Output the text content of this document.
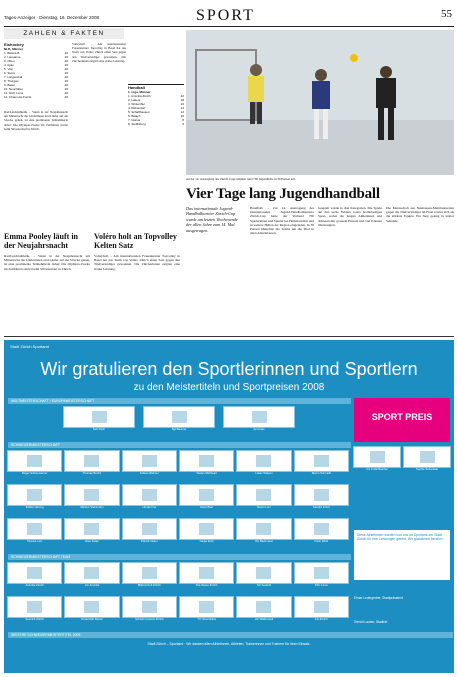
Tages-Anzeiger · Dienstag, 16. Dezember 2008	SPORT	55
ZAHLEN & FAKTEN
Eishockey
NLB, Männer
1. Biasca-B	26
2. Lausanne	26
3. Olten	26
4. Ajoie	26
5. Visp	26
6. Sierre	26
7. Langenthal	26
8. Thurgau	26
9. Basel	26
10. Neuchâtel	26
11. GCK Lions	26
12. Chaux-de-Fonds	26
Rad/Leichtathletik. – Wenn in der Neujahrsnacht um Mitternacht die Läuferinnen und Läufer auf die Strecke gehen, ist eine prominente Teilnehmerin dabei: Die Olympia-Zweite im Zeitfahren startet beim Silvesterlauf in Zürich.
Volleyball. – Am internationalen Frauenturnier Topvolley in Basel hat das Team von Voléro Zürich einen Satz gegen den Titelverteidiger gewonnen. Die Zürcherinnen zeigten eine starke Leistung.
Handball
1. Liga, Männer
1. Amicitia Zürich	22
2. Lakers	18
3. Winterthur	16
4. Dübendorf	14
5. Schaffhausen	12
6. Bülach	10
7. Glarus	8
8. Steffisburg	6
An der 14. Austragung des Zürich-Cups nahmen rund 700 Jugendliche in 39 Partien teil.
Vier Tage lang Jugendhandball
Das internationale Jugend-Handballturnier Zürich-Cup wurde am letzten Wochenende der allen Jahre zum 14. Mal ausgetragen.
Handball. – Zur 14. Austragung des internationalen Jugend-Handballturniers Zürich-Cup hatte der Verband 700 Spielerinnen und Spieler ins Hallenstadion und in weitere Hallen der Region eingeladen. In 39 Partien kämpften die Teams um die Titel in allen Altersklassen.
Gespielt wurde in drei Kategorien. Die Spiele auf den sechs Feldern boten hochklassigen Sport, wobei die jungen Athletinnen und Athleten mit grossem Einsatz und viel Können überzeugten.
Die Mannschaft aus Neuhausen-Mettmenstetten gegen die Titelverteidiger im Final erwies sich als die stärkste Equipe. Ein Sieg gelang in letzter Sekunde.
Emma Pooley läuft in der Neujahrsnacht
Rad/Leichtathletik. – Wenn in der Neujahrsnacht um Mitternacht die Läuferinnen und Läufer auf die Strecke gehen, ist eine prominente Teilnehmerin dabei: Die Olympia-Zweite im Zeitfahren startet beim Silvesterlauf in Zürich.
Voléro holt an Topvolley Kelten Satz
Volleyball. – Am internationalen Frauenturnier Topvolley in Basel hat das Team von Voléro Zürich einen Satz gegen den Titelverteidiger gewonnen. Die Zürcherinnen zeigten eine starke Leistung.
Stadt Zürich Sportamt
Wir gratulieren den Sportlerinnen und Sportlern
zu den Meistertiteln und Sportpreisen 2008
WELTMEISTERSCHAFT / EUROPAMEISTERSCHAFT
Seb Pach	Sgt Baumet	Sct Anas
SCHWEIZERMEISTERSCHAFT
Roger Schwendener	Thomas Buchs	Fabian Widmer	Stefan Mülhaupt	Lukas Walpen	Marco Schmidli
Esther Herzog	Markus Steinmann	Ursula Frei	Hans Bieri	Remo Lutz	Sandra Imhof
Tamara Lutz	Gian Keller	Patrick Gisler	Nadja Roth	Urs Bachmann	Karin Wüst
SCHWEIZERMEISTERSCHAFT TEAM
Amicitia Zürich	GC Amicitia	Billard-Club Zürich	Rot-Weiss Zürich	SC Seefeld	ZSC Lions
Seeclub Zürich	Ruderclub Reuss	Schwimmverein Zürich	TV Unterstrass	HC Wädenswil	FC Zürich
SPORT PREIS
Urs Frölichbacher	Sophie Schaufele
Diese Athletinnen wurden von uns im Sportamt der Stadt Zürich für ihre Leistungen geehrt. Wir gratulieren herzlich.
Elmar Ledergerber, Stadtpräsident
Gerold Lauber, Stadtrat
WEITERE SCHWEIZERMEISTERTITEL 2008
Stadt Zürich – Sportamt · Wir danken allen Athletinnen, Athleten, Trainerinnen und Trainern für ihren Einsatz.
